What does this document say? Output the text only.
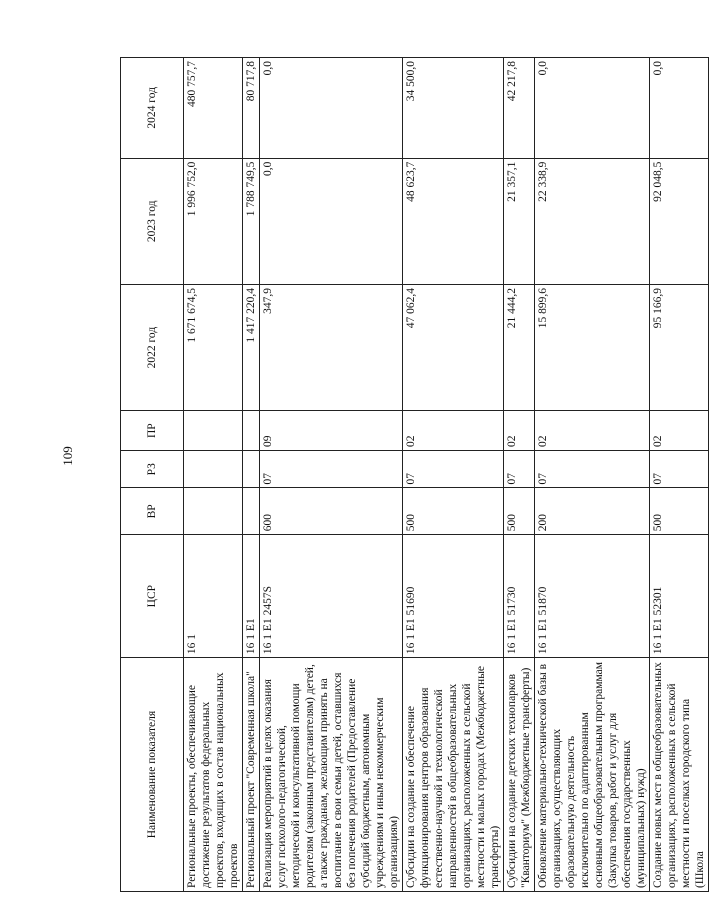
109
Наименование показателя	ЦСР	ВР	РЗ	ПР	2022 год	2023 год	2024 год
Региональные проекты, обеспечивающие достижение результатов федеральных проектов, входящих в состав национальных проектов	16 1				1 671 674,5	1 996 752,0	480 757,7
Региональный проект "Современная школа"	16 1 E1				1 417 220,4	1 788 749,5	80 717,8
Реализация мероприятий в целях оказания услуг психолого-педагогической, методической и консультативной помощи родителям (законным представителям) детей, а также гражданам, желающим принять на воспитание в свои семьи детей, оставшихся без попечения родителей (Предоставление субсидий бюджетным, автономным учреждениям и иным некоммерческим организациям)	16 1 E1 2457S	600	07	09	347,9	0,0	0,0
Субсидии на создание и обеспечение функционирования центров образования естественно-научной и технологической направленностей в общеобразовательных организациях, расположенных в сельской местности и малых городах (Межбюджетные трансферты)	16 1 E1 51690	500	07	02	47 062,4	48 623,7	34 500,0
Субсидии на создание детских технопарков "Кванториум" (Межбюджетные трансферты)	16 1 E1 51730	500	07	02	21 444,2	21 357,1	42 217,8
Обновление материально-технической базы в организациях, осуществляющих образовательную деятельность исключительно по адаптированным основным общеобразовательным программам (Закупка товаров, работ и услуг для обеспечения государственных (муниципальных) нужд)	16 1 E1 51870	200	07	02	15 899,6	22 338,9	0,0
Создание новых мест в общеобразовательных организациях, расположенных в сельской местности и поселках городского типа (Школа	16 1 E1 52301	500	07	02	95 166,9	92 048,5	0,0
